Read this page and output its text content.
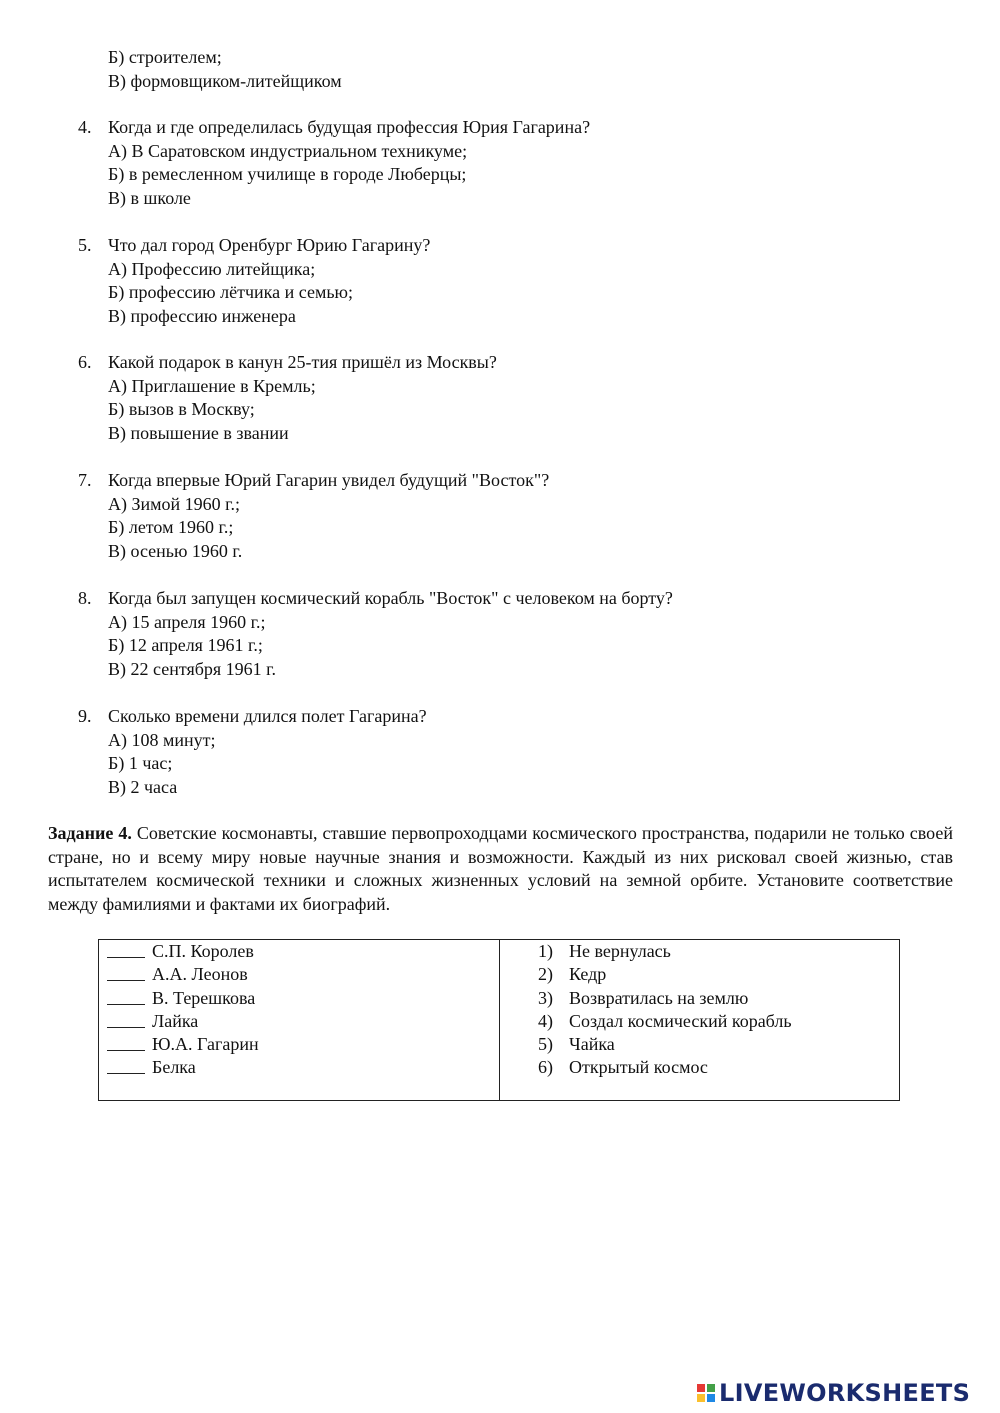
Б) строителем;
В) формовщиком-литейщиком
4. Когда и где определилась будущая профессия Юрия Гагарина?
А) В Саратовском индустриальном техникуме;
Б) в ремесленном училище в городе Люберцы;
В) в школе
5. Что дал город Оренбург Юрию Гагарину?
А) Профессию литейщика;
Б) профессию лётчика и семью;
В) профессию инженера
6. Какой подарок в канун 25-тия пришёл из Москвы?
А) Приглашение в Кремль;
Б) вызов в Москву;
В) повышение в звании
7. Когда впервые Юрий Гагарин увидел будущий "Восток"?
А) Зимой 1960 г.;
Б) летом 1960 г.;
В) осенью 1960 г.
8. Когда был запущен космический корабль "Восток" с человеком на борту?
А) 15 апреля 1960 г.;
Б) 12 апреля 1961 г.;
В) 22 сентября 1961 г.
9. Сколько времени длился полет Гагарина?
А) 108 минут;
Б) 1 час;
В) 2 часа
Задание 4. Советские космонавты, ставшие первопроходцами космического пространства, подарили не только своей стране, но и всему миру новые научные знания и возможности. Каждый из них рисковал своей жизнью, став испытателем космической техники и сложных жизненных условий на земной орбите. Установите соответствие между фамилиями и фактами их биографий.
С.П. Королев
А.А. Леонов
В. Терешкова
Лайка
Ю.А. Гагарин
Белка
1) Не вернулась
2) Кедр
3) Возвратилась на землю
4) Создал космический корабль
5) Чайка
6) Открытый космос
LIVEWORKSHEETS
